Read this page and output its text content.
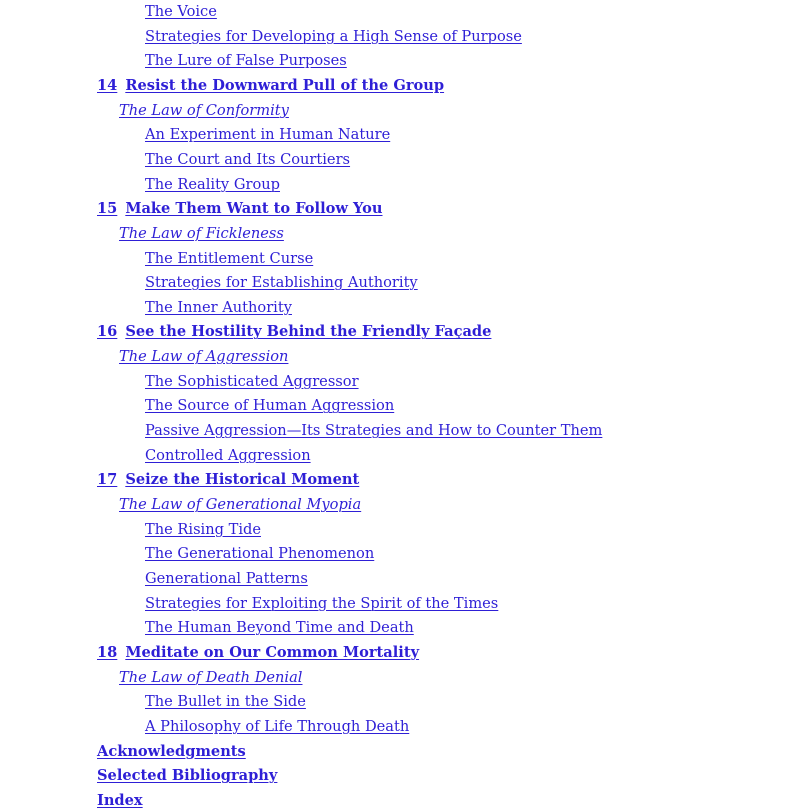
The Voice
Strategies for Developing a High Sense of Purpose
The Lure of False Purposes
14 Resist the Downward Pull of the Group
The Law of Conformity
An Experiment in Human Nature
The Court and Its Courtiers
The Reality Group
15 Make Them Want to Follow You
The Law of Fickleness
The Entitlement Curse
Strategies for Establishing Authority
The Inner Authority
16 See the Hostility Behind the Friendly Façade
The Law of Aggression
The Sophisticated Aggressor
The Source of Human Aggression
Passive Aggression—Its Strategies and How to Counter Them
Controlled Aggression
17 Seize the Historical Moment
The Law of Generational Myopia
The Rising Tide
The Generational Phenomenon
Generational Patterns
Strategies for Exploiting the Spirit of the Times
The Human Beyond Time and Death
18 Meditate on Our Common Mortality
The Law of Death Denial
The Bullet in the Side
A Philosophy of Life Through Death
Acknowledgments
Selected Bibliography
Index
